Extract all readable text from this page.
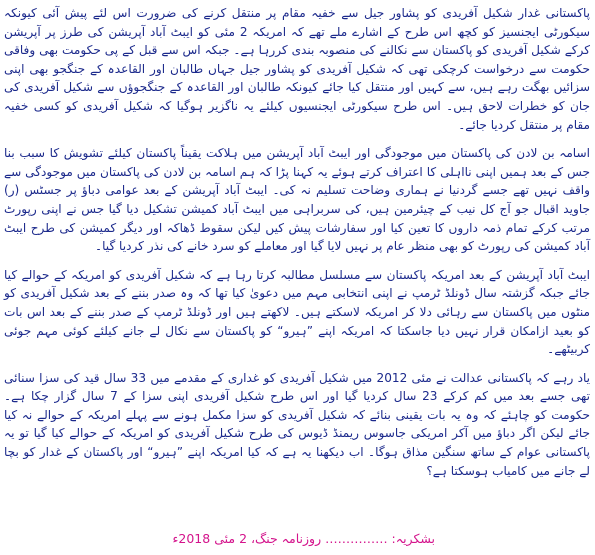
پاکستانی غدار شکیل آفریدی کو پشاور جیل سے خفیہ مقام پر منتقل کرنے کی ضرورت اس لئے پیش آئی کیونکہ سیکورٹی ایجنسیز کو کچھ اس طرح کے اشارے ملے تھے کہ امریکہ 2 مئی کو ایبٹ آباد آپریشن کی طرز پر آپریشن کرکے شکیل آفریدی کو پاکستان سے نکالنے کی منصوبہ بندی کررہا ہے۔ جبکہ اس سے قبل کے پی حکومت بھی وفاقی حکومت سے درخواست کرچکی تھی کہ شکیل آفریدی کو پشاور جیل جہاں طالبان اور القاعدہ کے جنگجو بھی اپنی سزائیں بھگت رہے ہیں، سے کہیں اور منتقل کیا جائے کیونکہ طالبان اور القاعدہ کے جنگجوؤں سے شکیل آفریدی کی جان کو خطرات لاحق ہیں۔ اس طرح سیکورٹی ایجنسیوں کیلئے یہ ناگزیر ہوگیا کہ شکیل آفریدی کو کسی خفیہ مقام پر منتقل کردیا جائے۔

اسامہ بن لادن کی پاکستان میں موجودگی اور ایبٹ آباد آپریشن میں ہلاکت یقیناً پاکستان کیلئے تشویش کا سبب بنا جس کے بعد ہمیں اپنی نااہلی کا اعتراف کرتے ہوئے یہ کہنا پڑا کہ ہم اسامہ بن لادن کی پاکستان میں موجودگی سے واقف نہیں تھے جسے گردنیا نے ہماری وضاحت تسلیم نہ کی۔ ایبٹ آباد آپریشن کے بعد عوامی دباؤ پر جسٹس (ر) جاوید اقبال جو آج کل نیب کے چیئرمین ہیں، کی سربراہی میں ایبٹ آباد کمیشن تشکیل دیا گیا جس نے اپنی رپورٹ مرتب کرکے تمام ذمہ داروں کا تعین کیا اور سفارشات پیش کیں لیکن سقوط ڈھاکہ اور دیگر کمیشن کی طرح ایبٹ آباد کمیشن کی رپورٹ کو بھی منظر عام پر نہیں لایا گیا اور معاملے کو سرد خانے کی نذر کردیا گیا۔

ایبٹ آباد آپریشن کے بعد امریکہ پاکستان سے مسلسل مطالبہ کرتا رہا ہے کہ شکیل آفریدی کو امریکہ کے حوالے کیا جائے جبکہ گزشتہ سال ڈونلڈ ٹرمپ نے اپنی انتخابی مہم میں دعویٰ کیا تھا کہ وہ صدر بننے کے بعد شکیل آفریدی کو منٹوں میں پاکستان سے رہائی دلا کر امریکہ لاسکتے ہیں۔ لاکھتے ہیں اور ڈونلڈ ٹرمپ کے صدر بننے کے بعد اس بات کو بعید ازامکان قرار نہیں دیا جاسکتا کہ امریکہ اپنے ”ہیرو“ کو پاکستان سے نکال لے جانے کیلئے کوئی مہم جوئی کربیٹھے۔

یاد رہے کہ پاکستانی عدالت نے مئی 2012 میں شکیل آفریدی کو غداری کے مقدمے میں 33 سال قید کی سزا سنائی تھی جسے بعد میں کم کرکے 23 سال کردیا گیا اور اس طرح شکیل آفریدی اپنی سزا کے 7 سال گزار چکا ہے۔ حکومت کو چاہئے کہ وہ یہ بات یقینی بنائے کہ شکیل آفریدی کو سزا مکمل ہونے سے پہلے امریکہ کے حوالے نہ کیا جائے لیکن اگر دباؤ میں آکر امریکی جاسوس ریمنڈ ڈیوس کی طرح شکیل آفریدی کو امریکہ کے حوالے کیا گیا تو یہ پاکستانی عوام کے ساتھ سنگین مذاق ہوگا۔ اب دیکھنا یہ ہے کہ کیا امریکہ اپنے ”ہیرو“ اور پاکستان کے غدار کو بچا لے جانے میں کامیاب ہوسکتا ہے؟

بشکریہ: …………… روزنامہ جنگ، 2 مئی 2018ء
